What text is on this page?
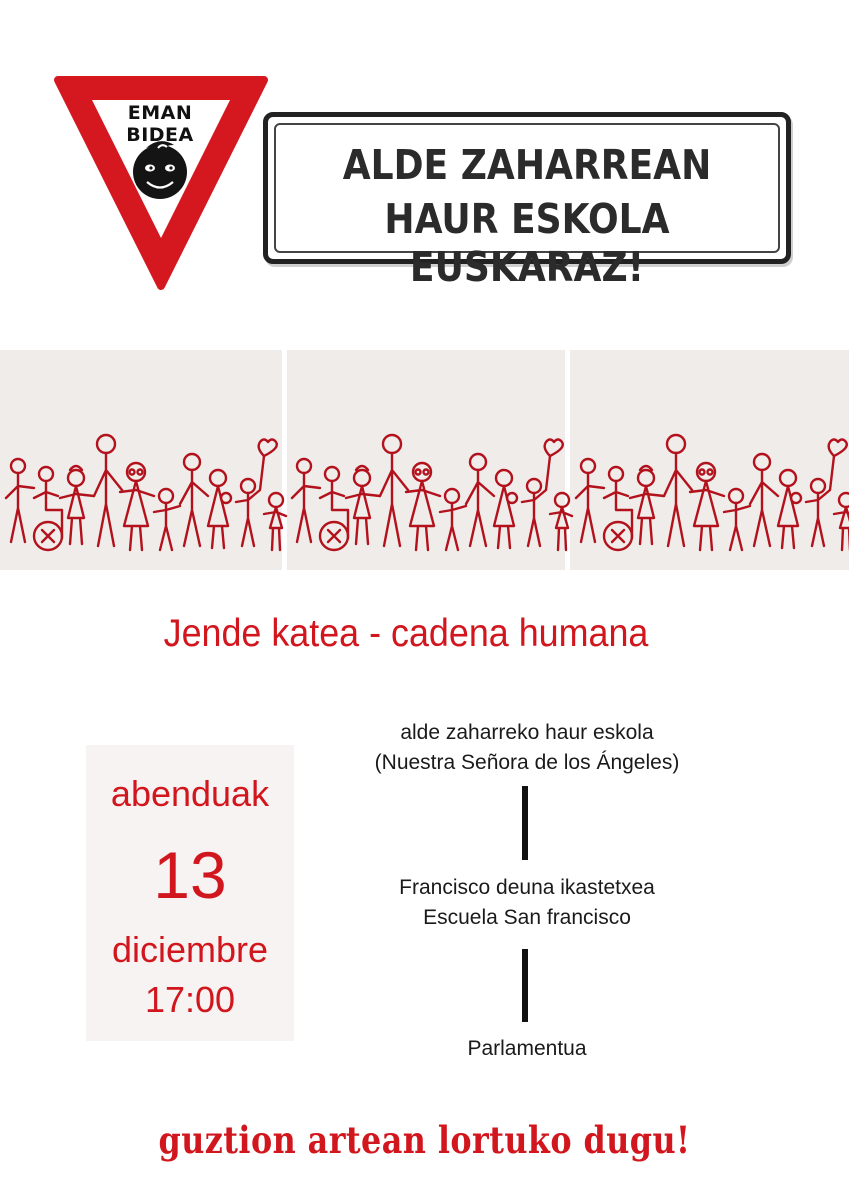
EMAN BIDEA
ALDE ZAHARREAN
HAUR ESKOLA EUSKARAZ!
Jende katea - cadena humana
abenduak
13
diciembre
17:00
alde zaharreko haur eskola
(Nuestra Señora de los Ángeles)
Francisco deuna ikastetxea
Escuela San francisco
Parlamentua
guztion artean lortuko dugu!
